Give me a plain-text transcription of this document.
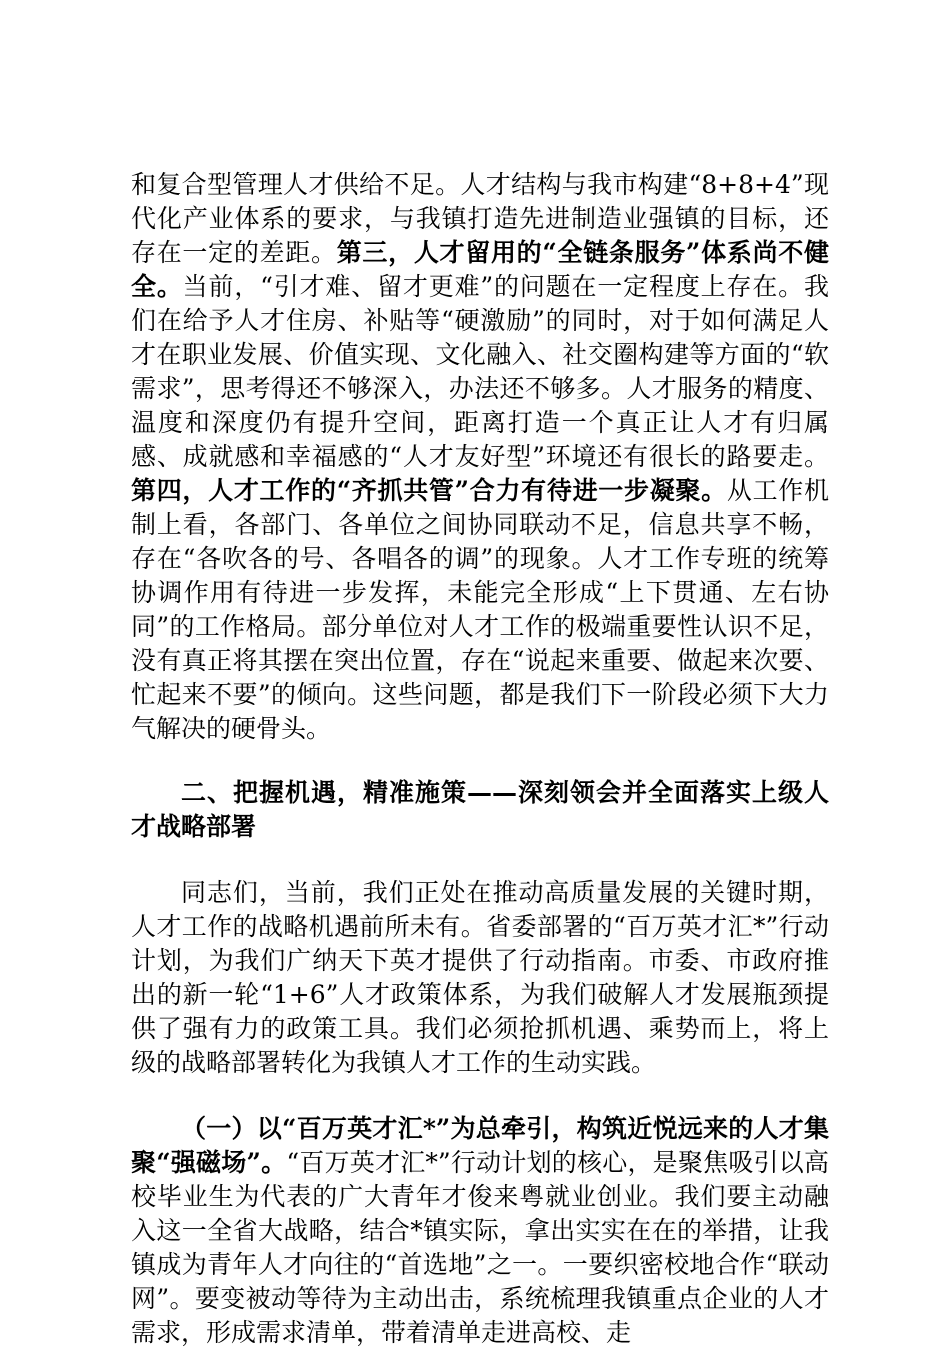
和复合型管理人才供给不足。人才结构与我市构建“8+8+4”现代化产业体系的要求，与我镇打造先进制造业强镇的目标，还存在一定的差距。第三，人才留用的“全链条服务”体系尚不健全。当前，“引才难、留才更难”的问题在一定程度上存在。我们在给予人才住房、补贴等“硬激励”的同时，对于如何满足人才在职业发展、价值实现、文化融入、社交圈构建等方面的“软需求”，思考得还不够深入，办法还不够多。人才服务的精度、温度和深度仍有提升空间，距离打造一个真正让人才有归属感、成就感和幸福感的“人才友好型”环境还有很长的路要走。第四，人才工作的“齐抓共管”合力有待进一步凝聚。从工作机制上看，各部门、各单位之间协同联动不足，信息共享不畅，存在“各吹各的号、各唱各的调”的现象。人才工作专班的统筹协调作用有待进一步发挥，未能完全形成“上下贯通、左右协同”的工作格局。部分单位对人才工作的极端重要性认识不足，没有真正将其摆在突出位置，存在“说起来重要、做起来次要、忙起来不要”的倾向。这些问题，都是我们下一阶段必须下大力气解决的硬骨头。

二、把握机遇，精准施策——深刻领会并全面落实上级人才战略部署

同志们，当前，我们正处在推动高质量发展的关键时期，人才工作的战略机遇前所未有。省委部署的“百万英才汇*”行动计划，为我们广纳天下英才提供了行动指南。市委、市政府推出的新一轮“1+6”人才政策体系，为我们破解人才发展瓶颈提供了强有力的政策工具。我们必须抢抓机遇、乘势而上，将上级的战略部署转化为我镇人才工作的生动实践。

（一）以“百万英才汇*”为总牵引，构筑近悦远来的人才集聚“强磁场”。“百万英才汇*”行动计划的核心，是聚焦吸引以高校毕业生为代表的广大青年才俊来粤就业创业。我们要主动融入这一全省大战略，结合*镇实际，拿出实实在在的举措，让我镇成为青年人才向往的“首选地”之一。一要织密校地合作“联动网”。要变被动等待为主动出击，系统梳理我镇重点企业的人才需求，形成需求清单，带着清单走进高校、走
